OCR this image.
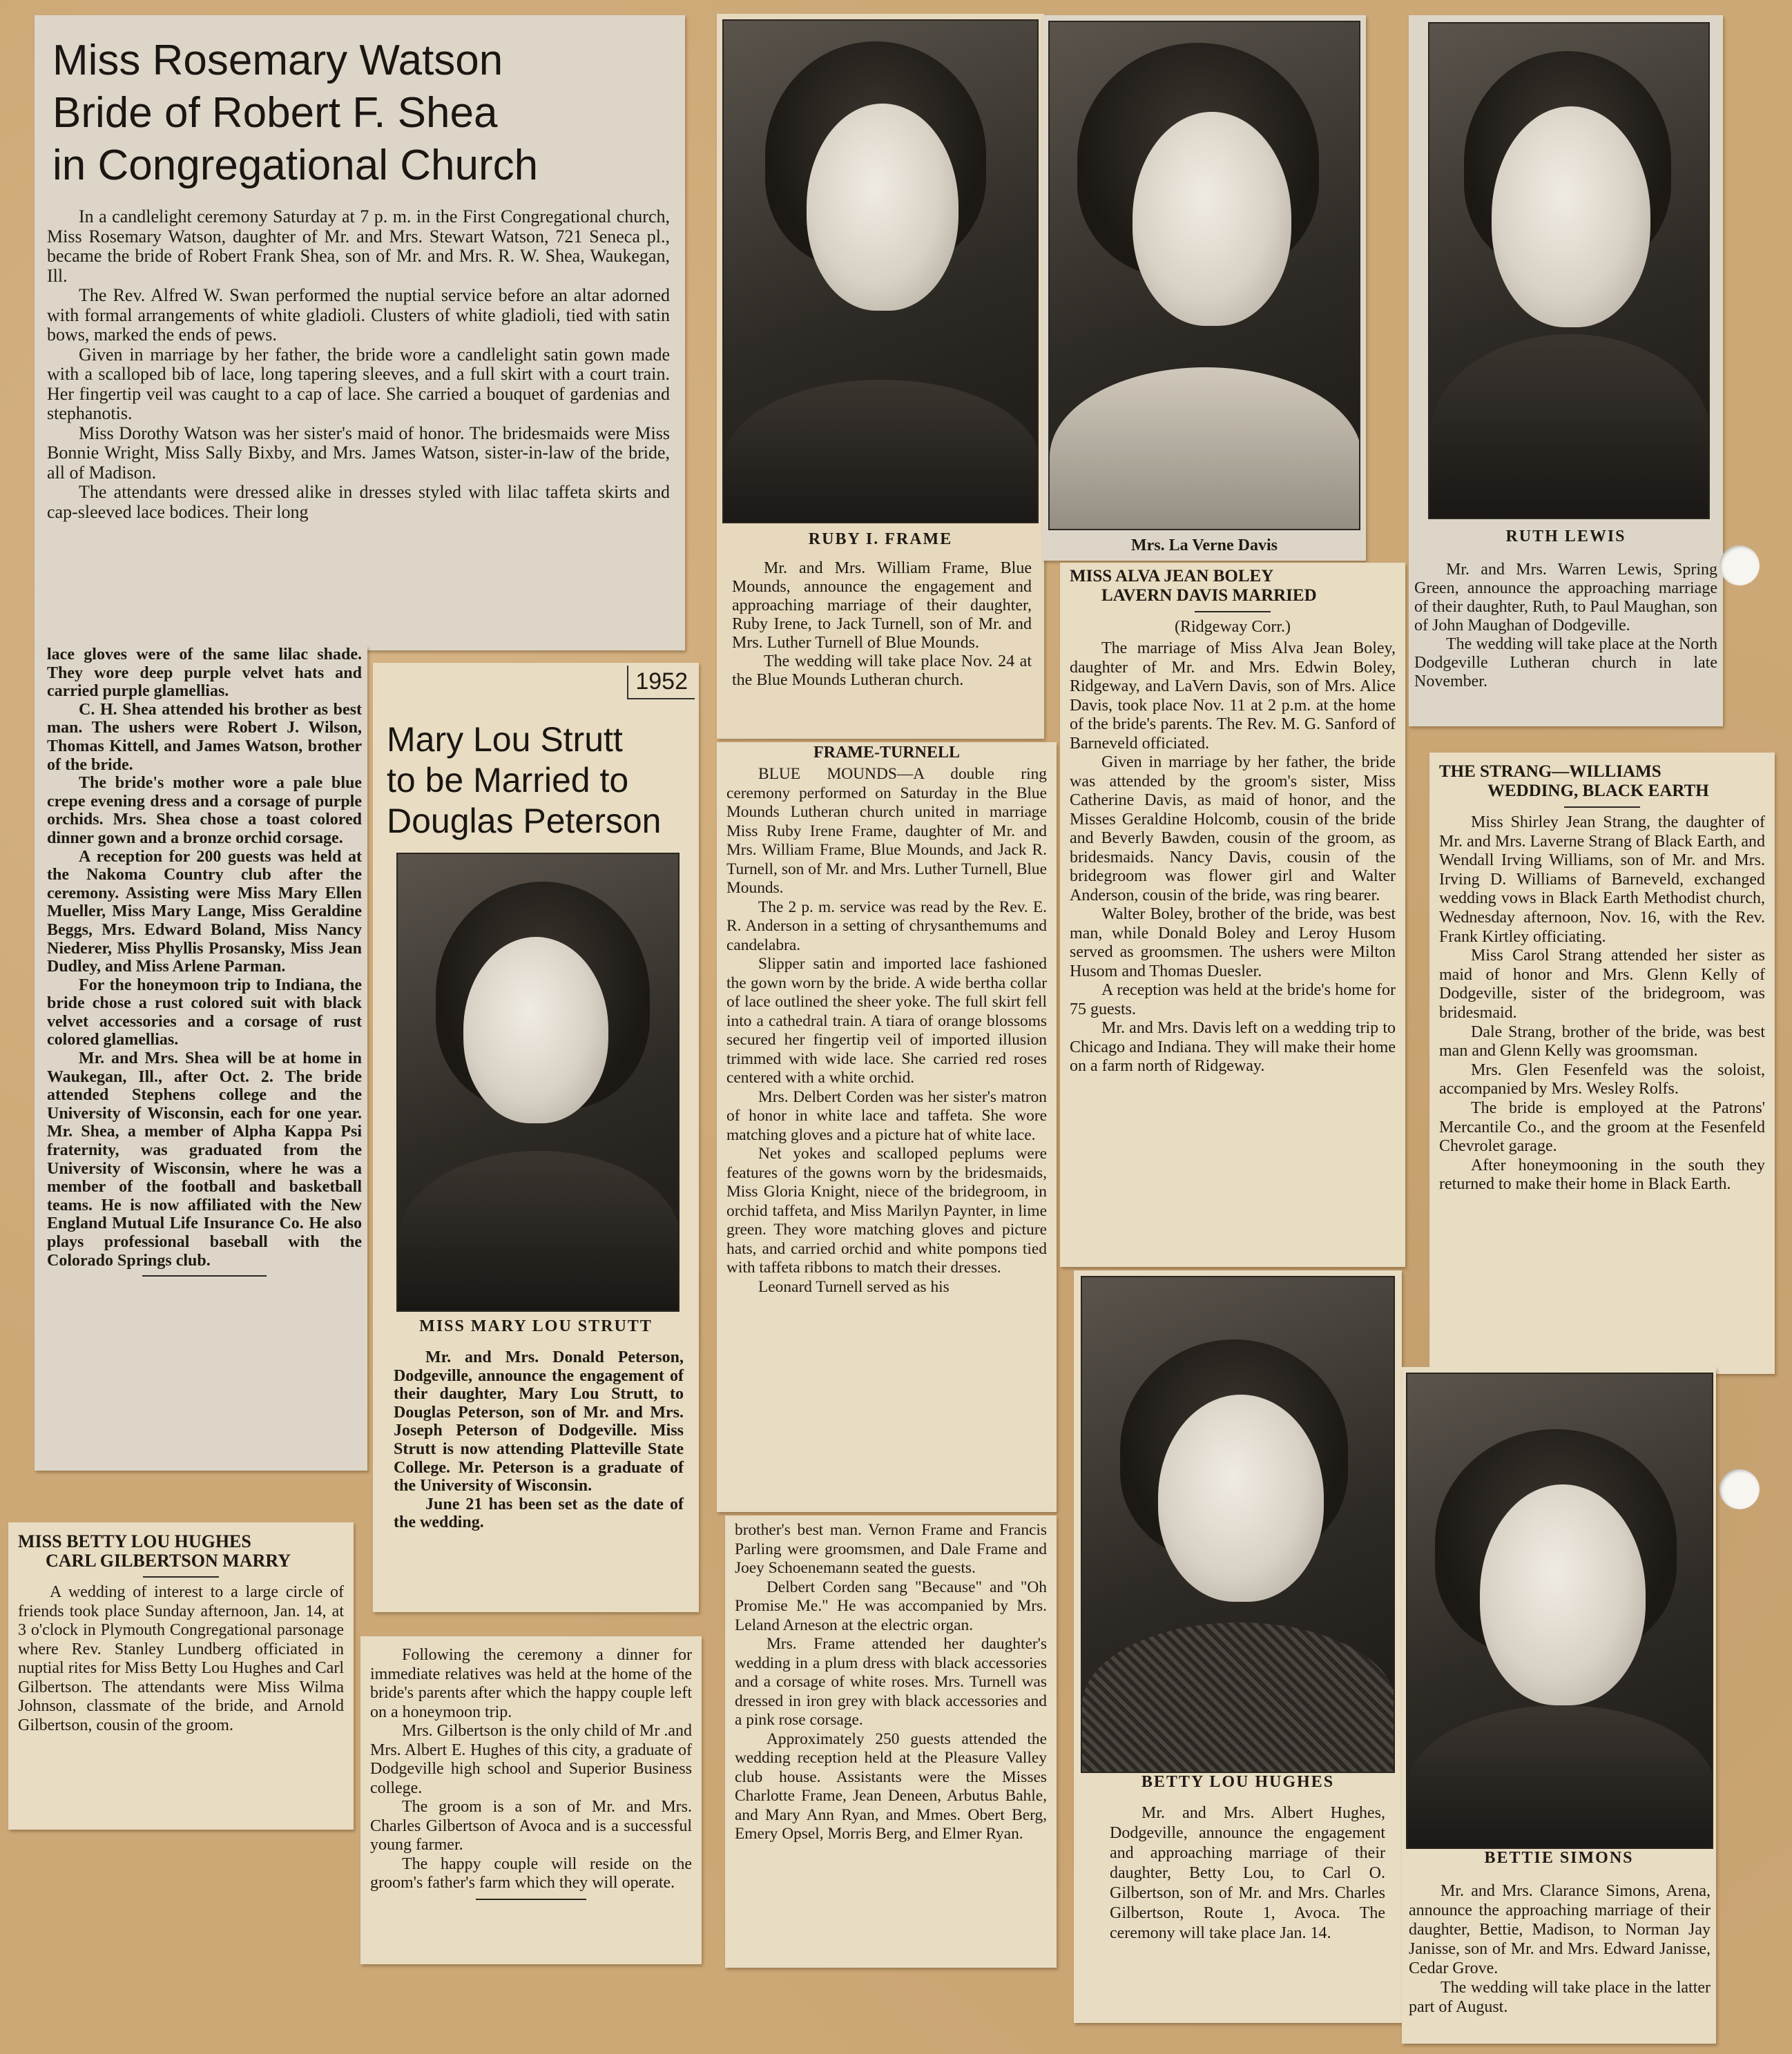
Miss Rosemary Watson
Bride of Robert F. Shea
in Congregational Church

In a candlelight ceremony Saturday at 7 p. m. in the First Congregational church, Miss Rosemary Watson, daughter of Mr. and Mrs. Stewart Watson, 721 Seneca pl., became the bride of Robert Frank Shea, son of Mr. and Mrs. R. W. Shea, Waukegan, Ill.

The Rev. Alfred W. Swan performed the nuptial service before an altar adorned with formal arrangements of white gladioli. Clusters of white gladioli, tied with satin bows, marked the ends of pews.

Given in marriage by her father, the bride wore a candlelight satin gown made with a scalloped bib of lace, long tapering sleeves, and a full skirt with a court train. Her fingertip veil was caught to a cap of lace. She carried a bouquet of gardenias and stephanotis.

Miss Dorothy Watson was her sister's maid of honor. The bridesmaids were Miss Bonnie Wright, Miss Sally Bixby, and Mrs. James Watson, sister-in-law of the bride, all of Madison.

The attendants were dressed alike in dresses styled with lilac taffeta skirts and cap-sleeved lace bodices. Their long

lace gloves were of the same lilac shade. They wore deep purple velvet hats and carried purple glamellias.

C. H. Shea attended his brother as best man. The ushers were Robert J. Wilson, Thomas Kittell, and James Watson, brother of the bride.

The bride's mother wore a pale blue crepe evening dress and a corsage of purple orchids. Mrs. Shea chose a toast colored dinner gown and a bronze orchid corsage.

A reception for 200 guests was held at the Nakoma Country club after the ceremony. Assisting were Miss Mary Ellen Mueller, Miss Mary Lange, Miss Geraldine Beggs, Mrs. Edward Boland, Miss Nancy Niederer, Miss Phyllis Prosansky, Miss Jean Dudley, and Miss Arlene Parman.

For the honeymoon trip to Indiana, the bride chose a rust colored suit with black velvet accessories and a corsage of rust colored glamellias.

Mr. and Mrs. Shea will be at home in Waukegan, Ill., after Oct. 2. The bride attended Stephens college and the University of Wisconsin, each for one year. Mr. Shea, a member of Alpha Kappa Psi fraternity, was graduated from the University of Wisconsin, where he was a member of the football and basketball teams. He is now affiliated with the New England Mutual Life Insurance Co. He also plays professional baseball with the Colorado Springs club.

1952
Mary Lou Strutt
to be Married to
Douglas Peterson
MISS MARY LOU STRUTT

Mr. and Mrs. Donald Peterson, Dodgeville, announce the engagement of their daughter, Mary Lou Strutt, to Douglas Peterson, son of Mr. and Mrs. Joseph Peterson of Dodgeville. Miss Strutt is now attending Platteville State College. Mr. Peterson is a graduate of the University of Wisconsin.

June 21 has been set as the date of the wedding.

MISS BETTY LOU HUGHES
CARL GILBERTSON MARRY

A wedding of interest to a large circle of friends took place Sunday afternoon, Jan. 14, at 3 o'clock in Plymouth Congregational parsonage where Rev. Stanley Lundberg officiated in nuptial rites for Miss Betty Lou Hughes and Carl Gilbertson. The attendants were Miss Wilma Johnson, classmate of the bride, and Arnold Gilbertson, cousin of the groom.

Following the ceremony a dinner for immediate relatives was held at the home of the bride's parents after which the happy couple left on a honeymoon trip.

Mrs. Gilbertson is the only child of Mr .and Mrs. Albert E. Hughes of this city, a graduate of Dodgeville high school and Superior Business college.

The groom is a son of Mr. and Mrs. Charles Gilbertson of Avoca and is a successful young farmer.

The happy couple will reside on the groom's father's farm which they will operate.

RUBY I. FRAME

Mr. and Mrs. William Frame, Blue Mounds, announce the engagement and approaching marriage of their daughter, Ruby Irene, to Jack Turnell, son of Mr. and Mrs. Luther Turnell of Blue Mounds.

The wedding will take place Nov. 24 at the Blue Mounds Lutheran church.

FRAME-TURNELL

BLUE MOUNDS—A double ring ceremony performed on Saturday in the Blue Mounds Lutheran church united in marriage Miss Ruby Irene Frame, daughter of Mr. and Mrs. William Frame, Blue Mounds, and Jack R. Turnell, son of Mr. and Mrs. Luther Turnell, Blue Mounds.

The 2 p. m. service was read by the Rev. E. R. Anderson in a setting of chrysanthemums and candelabra.

Slipper satin and imported lace fashioned the gown worn by the bride. A wide bertha collar of lace outlined the sheer yoke. The full skirt fell into a cathedral train. A tiara of orange blossoms secured her fingertip veil of imported illusion trimmed with wide lace. She carried red roses centered with a white orchid.

Mrs. Delbert Corden was her sister's matron of honor in white lace and taffeta. She wore matching gloves and a picture hat of white lace.

Net yokes and scalloped peplums were features of the gowns worn by the bridesmaids, Miss Gloria Knight, niece of the bridegroom, in orchid taffeta, and Miss Marilyn Paynter, in lime green. They wore matching gloves and picture hats, and carried orchid and white pompons tied with taffeta ribbons to match their dresses.

Leonard Turnell served as his

brother's best man. Vernon Frame and Francis Parling were groomsmen, and Dale Frame and Joey Schoenemann seated the guests.

Delbert Corden sang "Because" and "Oh Promise Me." He was accompanied by Mrs. Leland Arneson at the electric organ.

Mrs. Frame attended her daughter's wedding in a plum dress with black accessories and a corsage of white roses. Mrs. Turnell was dressed in iron grey with black accessories and a pink rose corsage.

Approximately 250 guests attended the wedding reception held at the Pleasure Valley club house. Assistants were the Misses Charlotte Frame, Jean Deneen, Arbutus Bahle, and Mary Ann Ryan, and Mmes. Obert Berg, Emery Opsel, Morris Berg, and Elmer Ryan.

Mrs. La Verne Davis
MISS ALVA JEAN BOLEY
LAVERN DAVIS MARRIED
(Ridgeway Corr.)

The marriage of Miss Alva Jean Boley, daughter of Mr. and Mrs. Edwin Boley, Ridgeway, and LaVern Davis, son of Mrs. Alice Davis, took place Nov. 11 at 2 p.m. at the home of the bride's parents. The Rev. M. G. Sanford of Barneveld officiated.

Given in marriage by her father, the bride was attended by the groom's sister, Miss Catherine Davis, as maid of honor, and the Misses Geraldine Holcomb, cousin of the bride and Beverly Bawden, cousin of the groom, as bridesmaids. Nancy Davis, cousin of the bridegroom was flower girl and Walter Anderson, cousin of the bride, was ring bearer.

Walter Boley, brother of the bride, was best man, while Donald Boley and Leroy Husom served as groomsmen. The ushers were Milton Husom and Thomas Duesler.

A reception was held at the bride's home for 75 guests.

Mr. and Mrs. Davis left on a wedding trip to Chicago and Indiana. They will make their home on a farm north of Ridgeway.

BETTY LOU HUGHES

Mr. and Mrs. Albert Hughes, Dodgeville, announce the engagement and approaching marriage of their daughter, Betty Lou, to Carl O. Gilbertson, son of Mr. and Mrs. Charles Gilbertson, Route 1, Avoca. The ceremony will take place Jan. 14.

RUTH LEWIS

Mr. and Mrs. Warren Lewis, Spring Green, announce the approaching marriage of their daughter, Ruth, to Paul Maughan, son of John Maughan of Dodgeville.

The wedding will take place at the North Dodgeville Lutheran church in late November.

THE STRANG—WILLIAMS
WEDDING, BLACK EARTH

Miss Shirley Jean Strang, the daughter of Mr. and Mrs. Laverne Strang of Black Earth, and Wendall Irving Williams, son of Mr. and Mrs. Irving D. Williams of Barneveld, exchanged wedding vows in Black Earth Methodist church, Wednesday afternoon, Nov. 16, with the Rev. Frank Kirtley officiating.

Miss Carol Strang attended her sister as maid of honor and Mrs. Glenn Kelly of Dodgeville, sister of the bridegroom, was bridesmaid.

Dale Strang, brother of the bride, was best man and Glenn Kelly was groomsman.

Mrs. Glen Fesenfeld was the soloist, accompanied by Mrs. Wesley Rolfs.

The bride is employed at the Patrons' Mercantile Co., and the groom at the Fesenfeld Chevrolet garage.

After honeymooning in the south they returned to make their home in Black Earth.

BETTIE SIMONS

Mr. and Mrs. Clarance Simons, Arena, announce the approaching marriage of their daughter, Bettie, Madison, to Norman Jay Janisse, son of Mr. and Mrs. Edward Janisse, Cedar Grove.

The wedding will take place in the latter part of August.
